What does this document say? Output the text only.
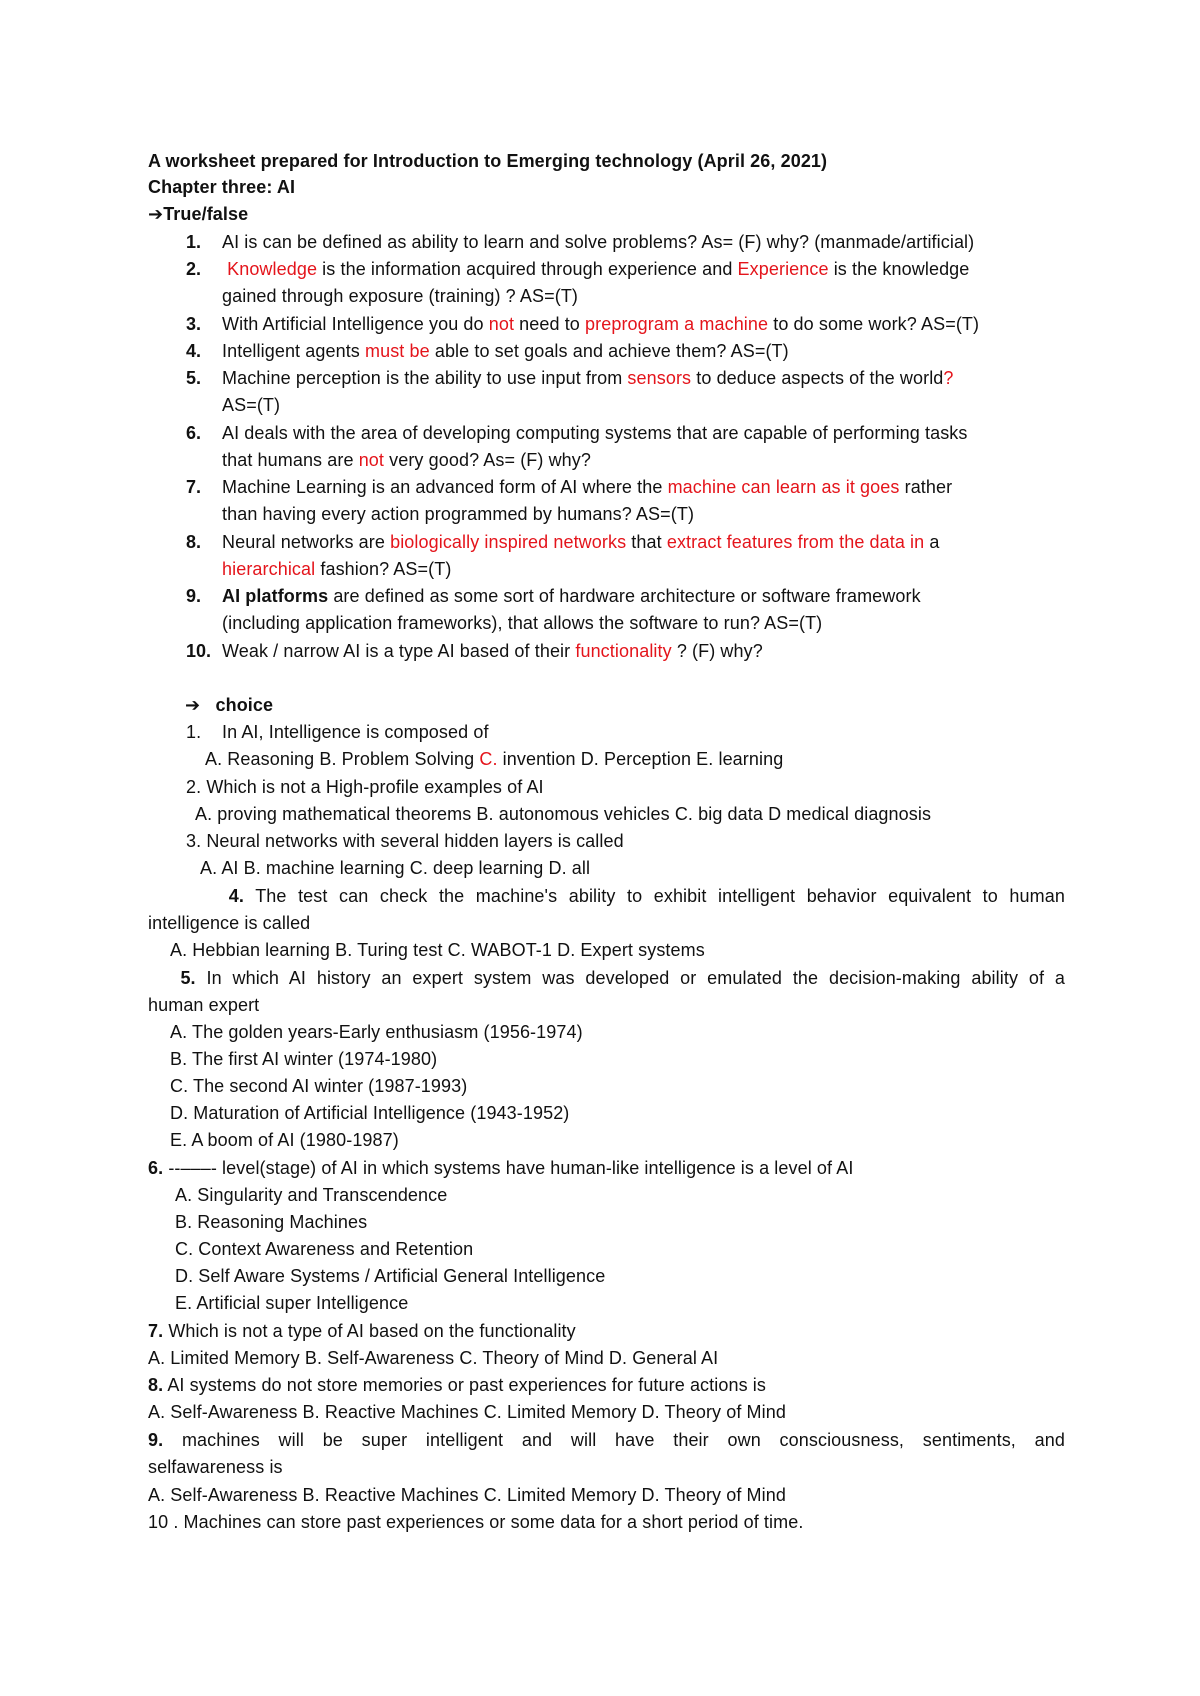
A worksheet prepared for Introduction to Emerging technology (April 26, 2021)
Chapter three: AI
➔True/false
1. AI is can be defined as ability to learn and solve problems? As= (F) why? (manmade/artificial)
2. Knowledge is the information acquired through experience and Experience is the knowledge
gained through exposure (training) ? AS=(T)
3. With Artificial Intelligence you do not need to preprogram a machine to do some work? AS=(T)
4. Intelligent agents must be able to set goals and achieve them? AS=(T)
5. Machine perception is the ability to use input from sensors to deduce aspects of the world?
AS=(T)
6. AI deals with the area of developing computing systems that are capable of performing tasks
that humans are not very good? As= (F) why?
7. Machine Learning is an advanced form of AI where the machine can learn as it goes rather
than having every action programmed by humans? AS=(T)
8. Neural networks are biologically inspired networks that extract features from the data in a
hierarchical fashion? AS=(T)
9. AI platforms are defined as some sort of hardware architecture or software framework
(including application frameworks), that allows the software to run? AS=(T)
10. Weak / narrow AI is a type AI based of their functionality ? (F) why?
➔ choice
1. In AI, Intelligence is composed of
A. Reasoning B. Problem Solving C. invention D. Perception E. learning
2. Which is not a High-profile examples of AI
A. proving mathematical theorems B. autonomous vehicles C. big data D medical diagnosis
3. Neural networks with several hidden layers is called
A. AI B. machine learning C. deep learning D. all
4. The test can check the machine's ability to exhibit intelligent behavior equivalent to human
intelligence is called
A. Hebbian learning B. Turing test C. WABOT-1 D. Expert systems
5. In which AI history an expert system was developed or emulated the decision-making ability of a
human expert
A. The golden years-Early enthusiasm (1956-1974)
B. The first AI winter (1974-1980)
C. The second AI winter (1987-1993)
D. Maturation of Artificial Intelligence (1943-1952)
E. A boom of AI (1980-1987)
6. --–––- level(stage) of AI in which systems have human-like intelligence is a level of AI
A. Singularity and Transcendence
B. Reasoning Machines
C. Context Awareness and Retention
D. Self Aware Systems / Artificial General Intelligence
E. Artificial super Intelligence
7. Which is not a type of AI based on the functionality
A. Limited Memory B. Self-Awareness C. Theory of Mind D. General AI
8. AI systems do not store memories or past experiences for future actions is
A. Self-Awareness B. Reactive Machines C. Limited Memory D. Theory of Mind
9. machines will be super intelligent and will have their own consciousness, sentiments, and
selfawareness is
A. Self-Awareness B. Reactive Machines C. Limited Memory D. Theory of Mind
10 . Machines can store past experiences or some data for a short period of time.
